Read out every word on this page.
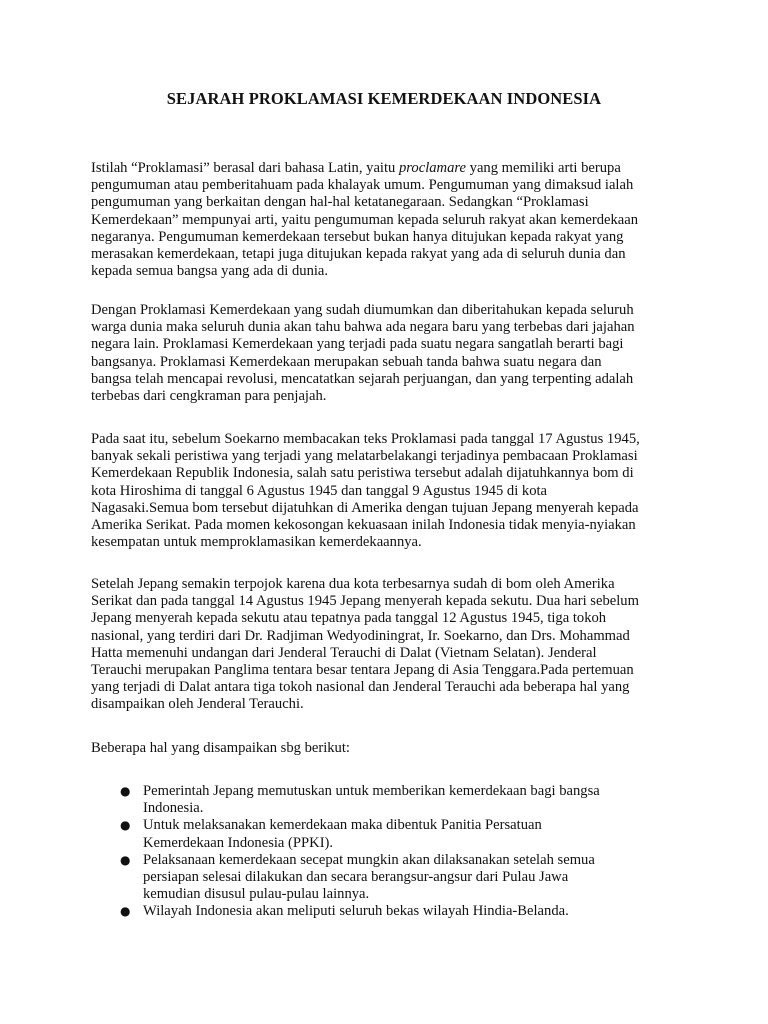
SEJARAH PROKLAMASI KEMERDEKAAN INDONESIA

Istilah “Proklamasi” berasal dari bahasa Latin, yaitu proclamare yang memiliki arti berupa
pengumuman atau pemberitahuam pada khalayak umum. Pengumuman yang dimaksud ialah
pengumuman yang berkaitan dengan hal-hal ketatanegaraan. Sedangkan “Proklamasi
Kemerdekaan” mempunyai arti, yaitu pengumuman kepada seluruh rakyat akan kemerdekaan
negaranya. Pengumuman kemerdekaan tersebut bukan hanya ditujukan kepada rakyat yang
merasakan kemerdekaan, tetapi juga ditujukan kepada rakyat yang ada di seluruh dunia dan
kepada semua bangsa yang ada di dunia.

Dengan Proklamasi Kemerdekaan yang sudah diumumkan dan diberitahukan kepada seluruh
warga dunia maka seluruh dunia akan tahu bahwa ada negara baru yang terbebas dari jajahan
negara lain. Proklamasi Kemerdekaan yang terjadi pada suatu negara sangatlah berarti bagi
bangsanya. Proklamasi Kemerdekaan merupakan sebuah tanda bahwa suatu negara dan
bangsa telah mencapai revolusi, mencatatkan sejarah perjuangan, dan yang terpenting adalah
terbebas dari cengkraman para penjajah.

Pada saat itu, sebelum Soekarno membacakan teks Proklamasi pada tanggal 17 Agustus 1945,
banyak sekali peristiwa yang terjadi yang melatarbelakangi terjadinya pembacaan Proklamasi
Kemerdekaan Republik Indonesia, salah satu peristiwa tersebut adalah dijatuhkannya bom di
kota Hiroshima di tanggal 6 Agustus 1945 dan tanggal 9 Agustus 1945 di kota
Nagasaki.Semua bom tersebut dijatuhkan di Amerika dengan tujuan Jepang menyerah kepada
Amerika Serikat. Pada momen kekosongan kekuasaan inilah Indonesia tidak menyia-nyiakan
kesempatan untuk memproklamasikan kemerdekaannya.

Setelah Jepang semakin terpojok karena dua kota terbesarnya sudah di bom oleh Amerika
Serikat dan pada tanggal 14 Agustus 1945 Jepang menyerah kepada sekutu. Dua hari sebelum
Jepang menyerah kepada sekutu atau tepatnya pada tanggal 12 Agustus 1945, tiga tokoh
nasional, yang terdiri dari Dr. Radjiman Wedyodiningrat, Ir. Soekarno, dan Drs. Mohammad
Hatta memenuhi undangan dari Jenderal Terauchi di Dalat (Vietnam Selatan). Jenderal
Terauchi merupakan Panglima tentara besar tentara Jepang di Asia Tenggara.Pada pertemuan
yang terjadi di Dalat antara tiga tokoh nasional dan Jenderal Terauchi ada beberapa hal yang
disampaikan oleh Jenderal Terauchi.

Beberapa hal yang disampaikan sbg berikut:

● Pemerintah Jepang memutuskan untuk memberikan kemerdekaan bagi bangsa
Indonesia.
● Untuk melaksanakan kemerdekaan maka dibentuk Panitia Persatuan
Kemerdekaan Indonesia (PPKI).
● Pelaksanaan kemerdekaan secepat mungkin akan dilaksanakan setelah semua
persiapan selesai dilakukan dan secara berangsur-angsur dari Pulau Jawa
kemudian disusul pulau-pulau lainnya.
● Wilayah Indonesia akan meliputi seluruh bekas wilayah Hindia-Belanda.
